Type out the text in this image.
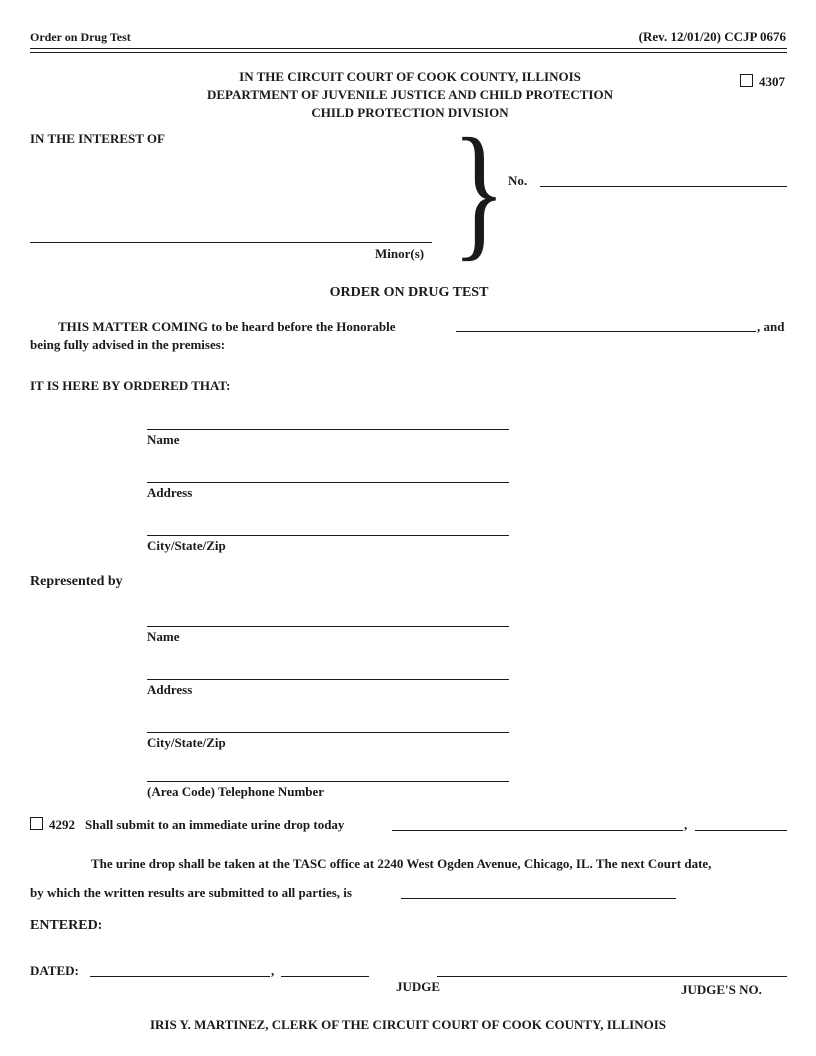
Order on Drug Test	(Rev. 12/01/20) CCJP 0676
IN THE CIRCUIT COURT OF COOK COUNTY, ILLINOIS
DEPARTMENT OF JUVENILE JUSTICE AND CHILD PROTECTION
CHILD PROTECTION DIVISION
4307
IN THE INTEREST OF
Minor(s) } No.
ORDER ON DRUG TEST
THIS MATTER COMING to be heard before the Honorable	, and
being fully advised in the premises:
IT IS HERE BY ORDERED THAT:
Name
Address
City/State/Zip
Represented by
Name
Address
City/State/Zip
(Area Code) Telephone Number
4292 Shall submit to an immediate urine drop today	,
The urine drop shall be taken at the TASC office at 2240 West Ogden Avenue, Chicago, IL. The next Court date,
by which the written results are submitted to all parties, is
ENTERED:
DATED:	,
JUDGE	JUDGE'S NO.
IRIS Y. MARTINEZ, CLERK OF THE CIRCUIT COURT OF COOK COUNTY, ILLINOIS
